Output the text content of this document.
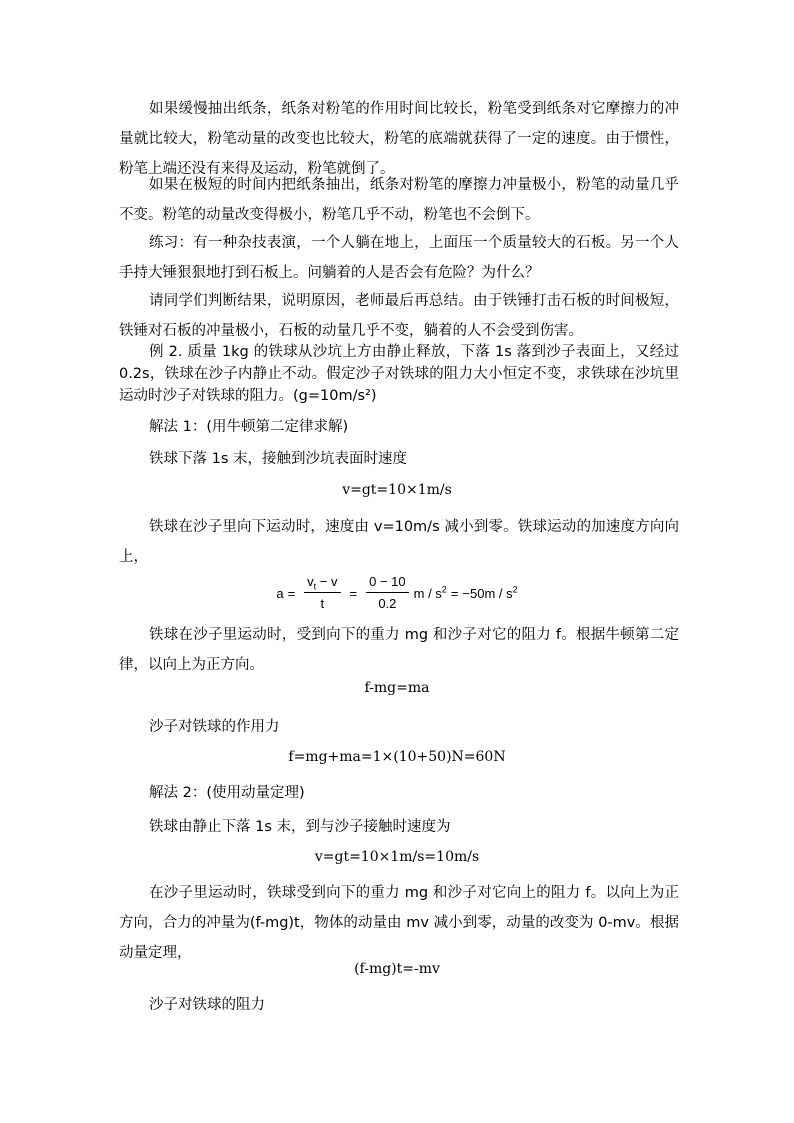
如果缓慢抽出纸条，纸条对粉笔的作用时间比较长，粉笔受到纸条对它摩擦力的冲量就比较大，粉笔动量的改变也比较大，粉笔的底端就获得了一定的速度。由于惯性，粉笔上端还没有来得及运动，粉笔就倒了。

如果在极短的时间内把纸条抽出，纸条对粉笔的摩擦力冲量极小，粉笔的动量几乎不变。粉笔的动量改变得极小，粉笔几乎不动，粉笔也不会倒下。

练习：有一种杂技表演，一个人躺在地上，上面压一个质量较大的石板。另一个人手持大锤狠狠地打到石板上。问躺着的人是否会有危险？为什么？

请同学们判断结果，说明原因，老师最后再总结。由于铁锤打击石板的时间极短，铁锤对石板的冲量极小，石板的动量几乎不变，躺着的人不会受到伤害。

例 2. 质量 1kg 的铁球从沙坑上方由静止释放，下落 1s 落到沙子表面上，又经过 0.2s，铁球在沙子内静止不动。假定沙子对铁球的阻力大小恒定不变，求铁球在沙坑里运动时沙子对铁球的阻力。(g=10m/s²)

解法 1：(用牛顿第二定律求解)

铁球下落 1s 末，接触到沙坑表面时速度

v=gt=10×1m/s

铁球在沙子里向下运动时，速度由 v=10m/s 减小到零。铁球运动的加速度方向向上，

$a = \frac{v_t - v}{t} = \frac{0 - 10}{0.2}$ $m / s^2 = -50m / s^2$

铁球在沙子里运动时，受到向下的重力 mg 和沙子对它的阻力 f。根据牛顿第二定律，以向上为正方向。

f-mg=ma

沙子对铁球的作用力

f=mg+ma=1×(10+50)N=60N

解法 2：(使用动量定理)

铁球由静止下落 1s 末，到与沙子接触时速度为

v=gt=10×1m/s=10m/s

在沙子里运动时，铁球受到向下的重力 mg 和沙子对它向上的阻力 f。以向上为正方向，合力的冲量为(f-mg)t，物体的动量由 mv 减小到零，动量的改变为 0-mv。根据动量定理，

(f-mg)t=-mv

沙子对铁球的阻力
